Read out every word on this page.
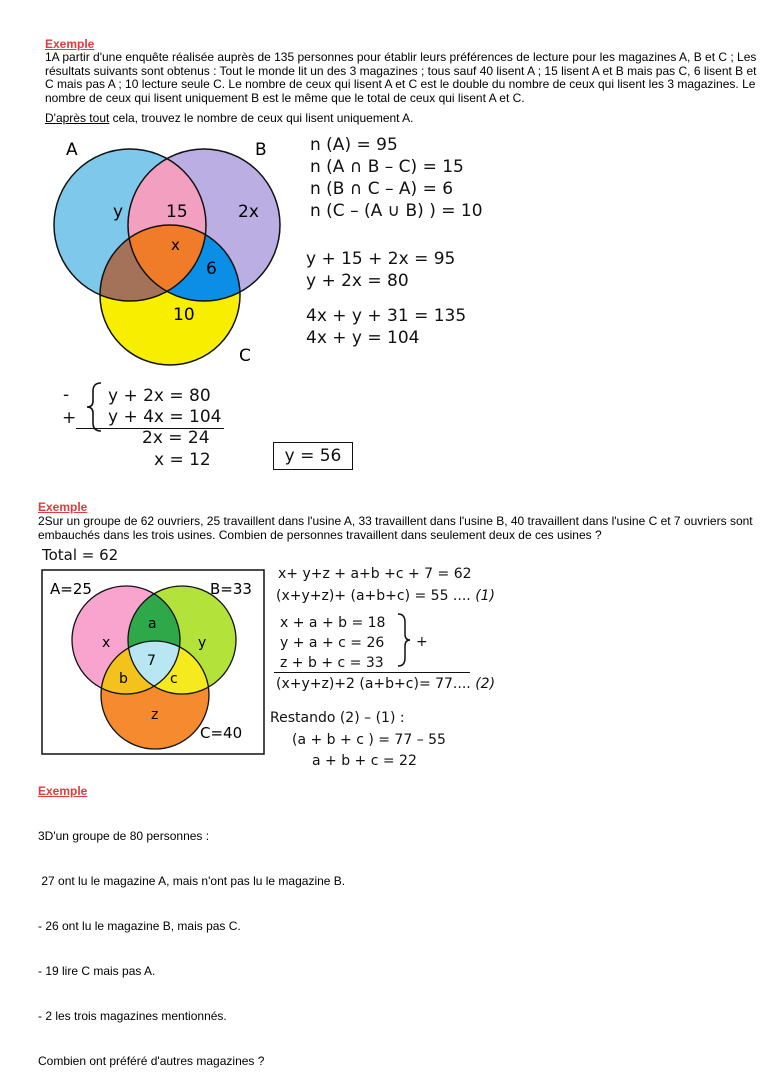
Exemple
1A partir d'une enquête réalisée auprès de 135 personnes pour établir leurs préférences de lecture pour les magazines A, B et C ; Les résultats suivants sont obtenus : Tout le monde lit un des 3 magazines ; tous sauf 40 lisent A ; 15 lisent A et B mais pas C, 6 lisent B et C mais pas A ; 10 lecture seule C. Le nombre de ceux qui lisent A et C est le double du nombre de ceux qui lisent les 3 magazines. Le nombre de ceux qui lisent uniquement B est le même que le total de ceux qui lisent A et C.
D'après tout cela, trouvez le nombre de ceux qui lisent uniquement A.
A	B
C
y	15	2x
x
6
10
n (A) = 95
n (A ∩ B – C) = 15
n (B ∩ C – A) = 6
n (C – (A ∪ B) ) = 10
y + 15 + 2x = 95
y + 2x = 80
4x + y + 31 = 135
4x + y = 104
-
+
y + 2x = 80
y + 4x = 104
2x = 24
x = 12	y = 56
Exemple
2Sur un groupe de 62 ouvriers, 25 travaillent dans l'usine A, 33 travaillent dans l'usine B, 40 travaillent dans l'usine C et 7 ouvriers sont embauchés dans les trois usines. Combien de personnes travaillent dans seulement deux de ces usines ?
Total = 62
A=25	B=33
C=40
x
a
y
7
b	c
z
x+ y+z + a+b +c + 7 = 62
(x+y+z)+ (a+b+c) = 55 .... (1)
x + a + b = 18
y + a + c = 26
z + b + c = 33
+
(x+y+z)+2 (a+b+c)= 77.... (2)
Restando (2) – (1) :
(a + b + c ) = 77 – 55
a + b + c = 22
Exemple

3D'un groupe de 80 personnes :

27 ont lu le magazine A, mais n'ont pas lu le magazine B.

- 26 ont lu le magazine B, mais pas C.

- 19 lire C mais pas A.

- 2 les trois magazines mentionnés.

Combien ont préféré d'autres magazines ?
